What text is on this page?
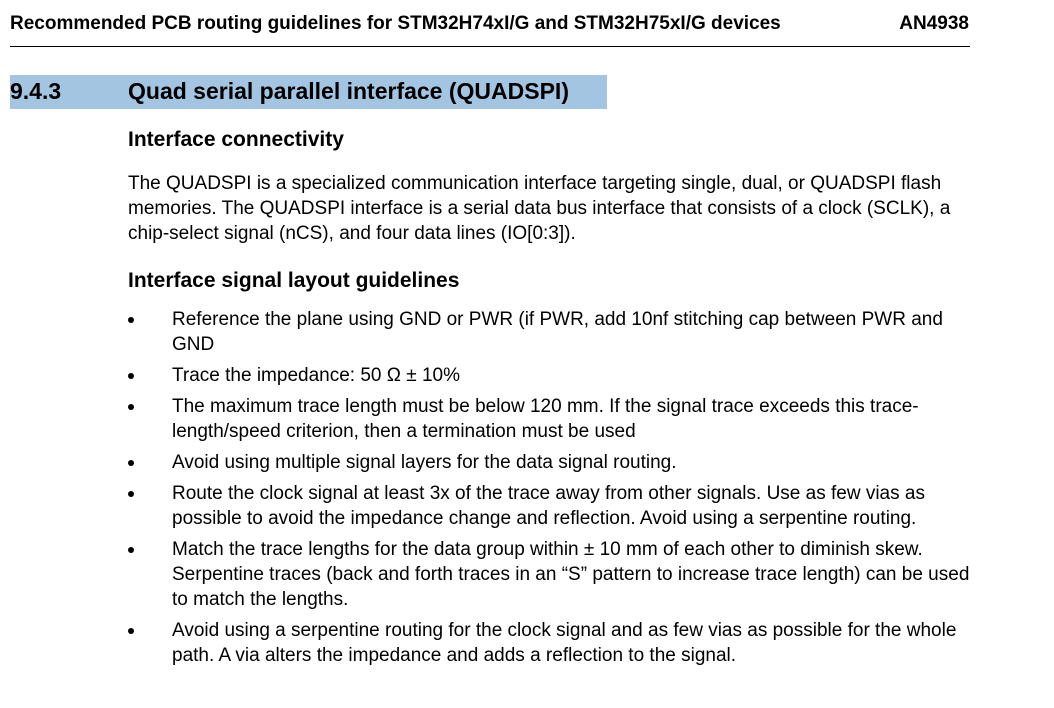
Recommended PCB routing guidelines for STM32H74xI/G and STM32H75xI/G devices	AN4938
9.4.3	Quad serial parallel interface (QUADSPI)
Interface connectivity

The QUADSPI is a specialized communication interface targeting single, dual, or QUADSPI flash memories. The QUADSPI interface is a serial data bus interface that consists of a clock (SCLK), a chip-select signal (nCS), and four data lines (IO[0:3]).

Interface signal layout guidelines
Reference the plane using GND or PWR (if PWR, add 10nf stitching cap between PWR and GND
Trace the impedance: 50 Ω ± 10%
The maximum trace length must be below 120 mm. If the signal trace exceeds this trace-length/speed criterion, then a termination must be used
Avoid using multiple signal layers for the data signal routing.
Route the clock signal at least 3x of the trace away from other signals. Use as few vias as possible to avoid the impedance change and reflection. Avoid using a serpentine routing.
Match the trace lengths for the data group within ± 10 mm of each other to diminish skew. Serpentine traces (back and forth traces in an “S” pattern to increase trace length) can be used to match the lengths.
Avoid using a serpentine routing for the clock signal and as few vias as possible for the whole path. A via alters the impedance and adds a reflection to the signal.
